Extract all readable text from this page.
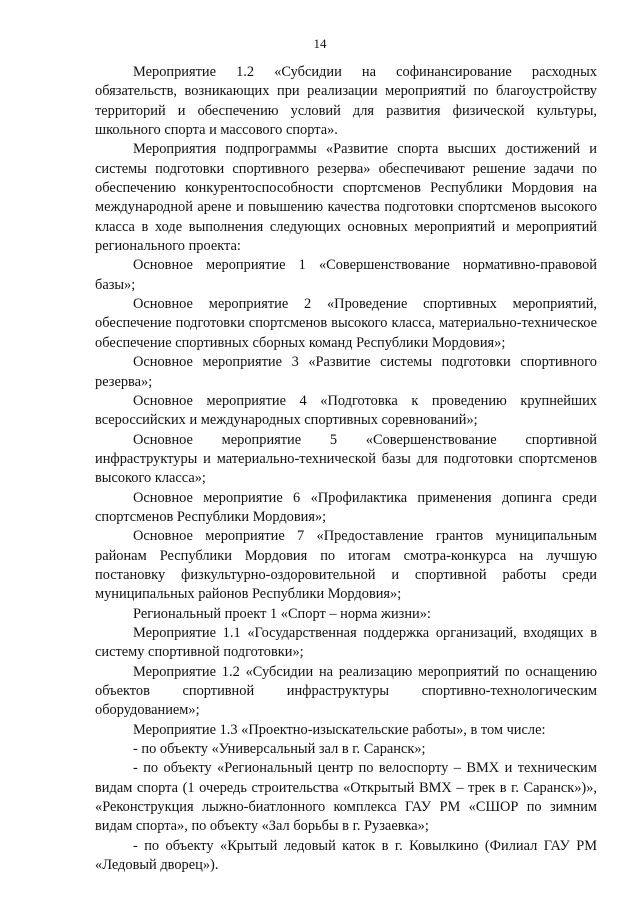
14

Мероприятие 1.2 «Субсидии на софинансирование расходных обязательств, возникающих при реализации мероприятий по благоустройству территорий и обеспечению условий для развития физической культуры, школьного спорта и массового спорта».

Мероприятия подпрограммы «Развитие спорта высших достижений и системы подготовки спортивного резерва» обеспечивают решение задачи по обеспечению конкурентоспособности спортсменов Республики Мордовия на международной арене и повышению качества подготовки спортсменов высокого класса в ходе выполнения следующих основных мероприятий и мероприятий регионального проекта:

Основное мероприятие 1 «Совершенствование нормативно-правовой базы»;

Основное мероприятие 2 «Проведение спортивных мероприятий, обеспечение подготовки спортсменов высокого класса, материально-техническое обеспечение спортивных сборных команд Республики Мордовия»;

Основное мероприятие 3 «Развитие системы подготовки спортивного резерва»;

Основное мероприятие 4 «Подготовка к проведению крупнейших всероссийских и международных спортивных соревнований»;

Основное мероприятие 5 «Совершенствование спортивной инфраструктуры и материально-технической базы для подготовки спортсменов высокого класса»;

Основное мероприятие 6 «Профилактика применения допинга среди спортсменов Республики Мордовия»;

Основное мероприятие 7 «Предоставление грантов муниципальным районам Республики Мордовия по итогам смотра-конкурса на лучшую постановку физкультурно-оздоровительной и спортивной работы среди муниципальных районов Республики Мордовия»;

Региональный проект 1 «Спорт – норма жизни»:

Мероприятие 1.1 «Государственная поддержка организаций, входящих в систему спортивной подготовки»;

Мероприятие 1.2 «Субсидии на реализацию мероприятий по оснащению объектов спортивной инфраструктуры спортивно-технологическим оборудованием»;

Мероприятие 1.3 «Проектно-изыскательские работы», в том числе:

- по объекту «Универсальный зал в г. Саранск»;

- по объекту «Региональный центр по велоспорту – ВМХ и техническим видам спорта (1 очередь строительства «Открытый ВМХ – трек в г. Саранск»)», «Реконструкция лыжно-биатлонного комплекса ГАУ РМ «СШОР по зимним видам спорта», по объекту «Зал борьбы в г. Рузаевка»;

- по объекту «Крытый ледовый каток в г. Ковылкино (Филиал ГАУ РМ «Ледовый дворец»).
